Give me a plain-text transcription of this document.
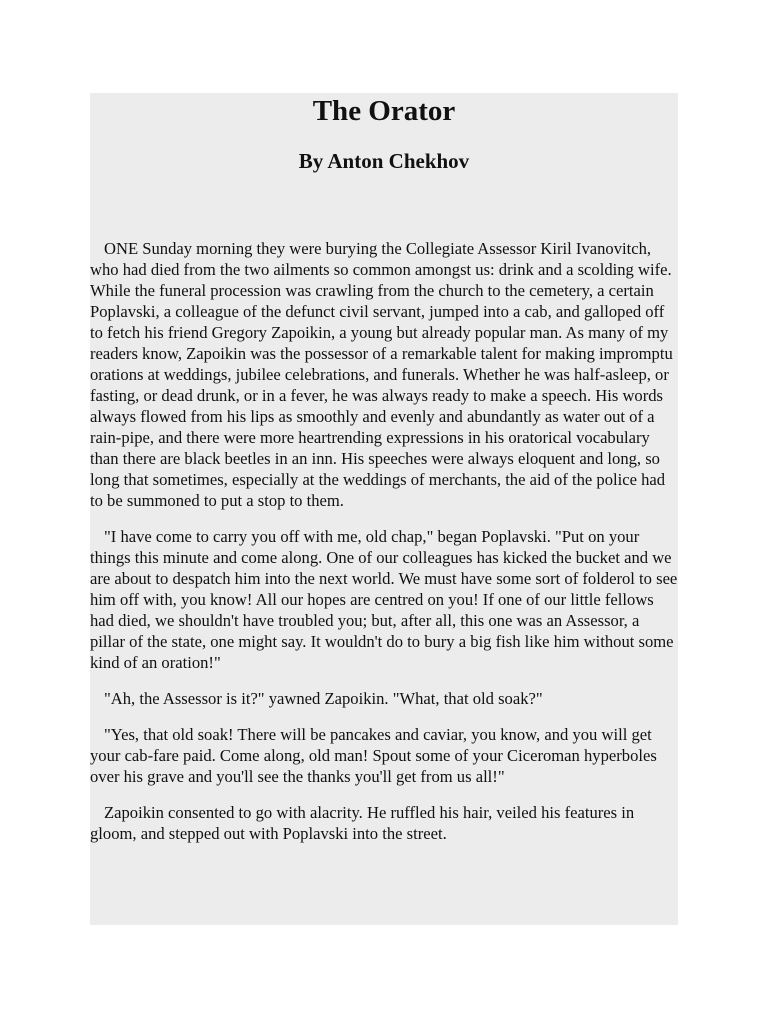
The Orator
By Anton Chekhov

ONE Sunday morning they were burying the Collegiate Assessor Kiril Ivanovitch, who had died from the two ailments so common amongst us: drink and a scolding wife. While the funeral procession was crawling from the church to the cemetery, a certain Poplavski, a colleague of the defunct civil servant, jumped into a cab, and galloped off to fetch his friend Gregory Zapoikin, a young but already popular man. As many of my readers know, Zapoikin was the possessor of a remarkable talent for making impromptu orations at weddings, jubilee celebrations, and funerals. Whether he was half-asleep, or fasting, or dead drunk, or in a fever, he was always ready to make a speech. His words always flowed from his lips as smoothly and evenly and abundantly as water out of a rain-pipe, and there were more heartrending expressions in his oratorical vocabulary than there are black beetles in an inn. His speeches were always eloquent and long, so long that sometimes, especially at the weddings of merchants, the aid of the police had to be summoned to put a stop to them.

"I have come to carry you off with me, old chap," began Poplavski. "Put on your things this minute and come along. One of our colleagues has kicked the bucket and we are about to despatch him into the next world. We must have some sort of folderol to see him off with, you know! All our hopes are centred on you! If one of our little fellows had died, we shouldn't have troubled you; but, after all, this one was an Assessor, a pillar of the state, one might say. It wouldn't do to bury a big fish like him without some kind of an oration!"

"Ah, the Assessor is it?" yawned Zapoikin. "What, that old soak?"

"Yes, that old soak! There will be pancakes and caviar, you know, and you will get your cab-fare paid. Come along, old man! Spout some of your Ciceroman hyperboles over his grave and you'll see the thanks you'll get from us all!"

Zapoikin consented to go with alacrity. He ruffled his hair, veiled his features in gloom, and stepped out with Poplavski into the street.
